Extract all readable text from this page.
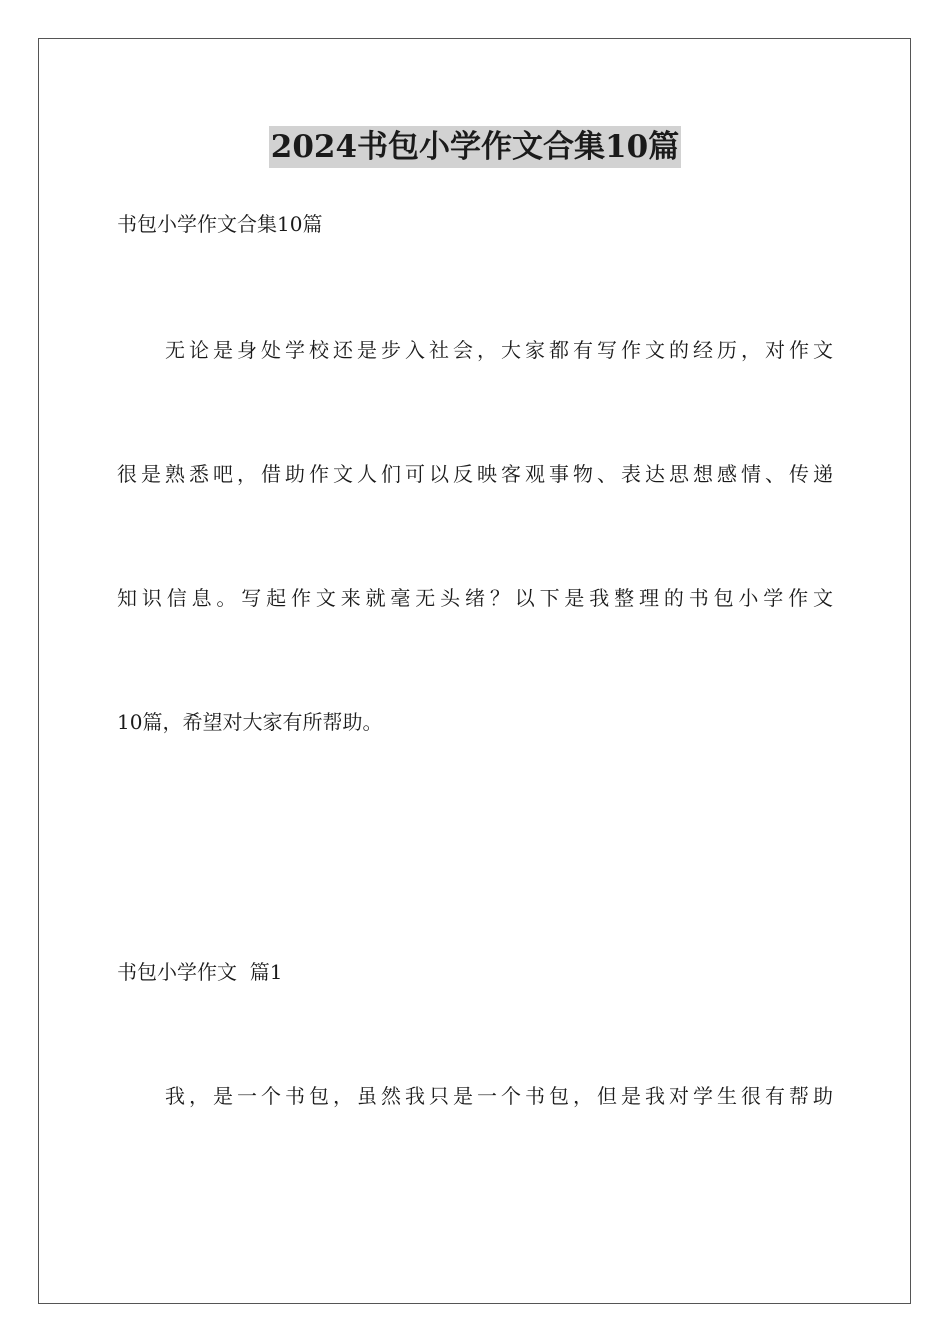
2024书包小学作文合集10篇
书包小学作文合集10篇
无论是身处学校还是步入社会，大家都有写作文的经历，对作文
很是熟悉吧，借助作文人们可以反映客观事物、表达思想感情、传递
知识信息。写起作文来就毫无头绪？以下是我整理的书包小学作文
10篇，希望对大家有所帮助。
书包小学作文  篇1
我，是一个书包，虽然我只是一个书包，但是我对学生很有帮助
